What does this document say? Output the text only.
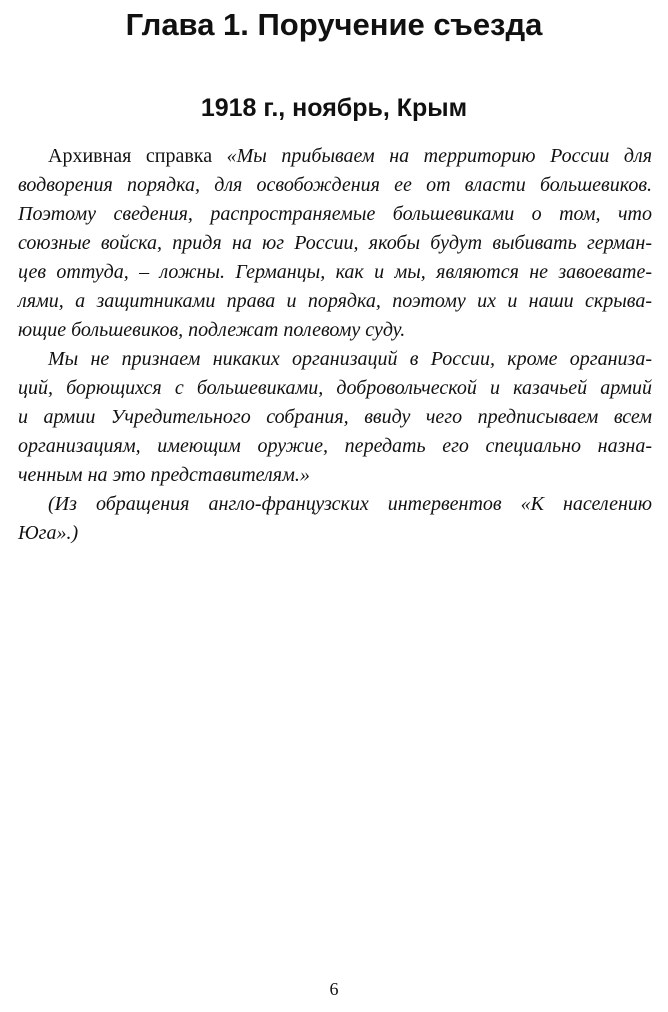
Глава 1. Поручение съезда
1918 г., ноябрь, Крым
Архивная справка «Мы прибываем на территорию России для
водворения порядка, для освобождения ее от власти большевиков.
Поэтому сведения, распространяемые большевиками о том, что
союзные войска, придя на юг России, якобы будут выбивать герман-
цев оттуда, – ложны. Германцы, как и мы, являются не завоевате-
лями, а защитниками права и порядка, поэтому их и наши скрыва-
ющие большевиков, подлежат полевому суду.
Мы не признаем никаких организаций в России, кроме организа-
ций, борющихся с большевиками, добровольческой и казачьей армий
и армии Учредительного собрания, ввиду чего предписываем всем
организациям, имеющим оружие, передать его специально назна-
ченным на это представителям.»
(Из обращения англо-французских интервентов «К населению
Юга».)

6
